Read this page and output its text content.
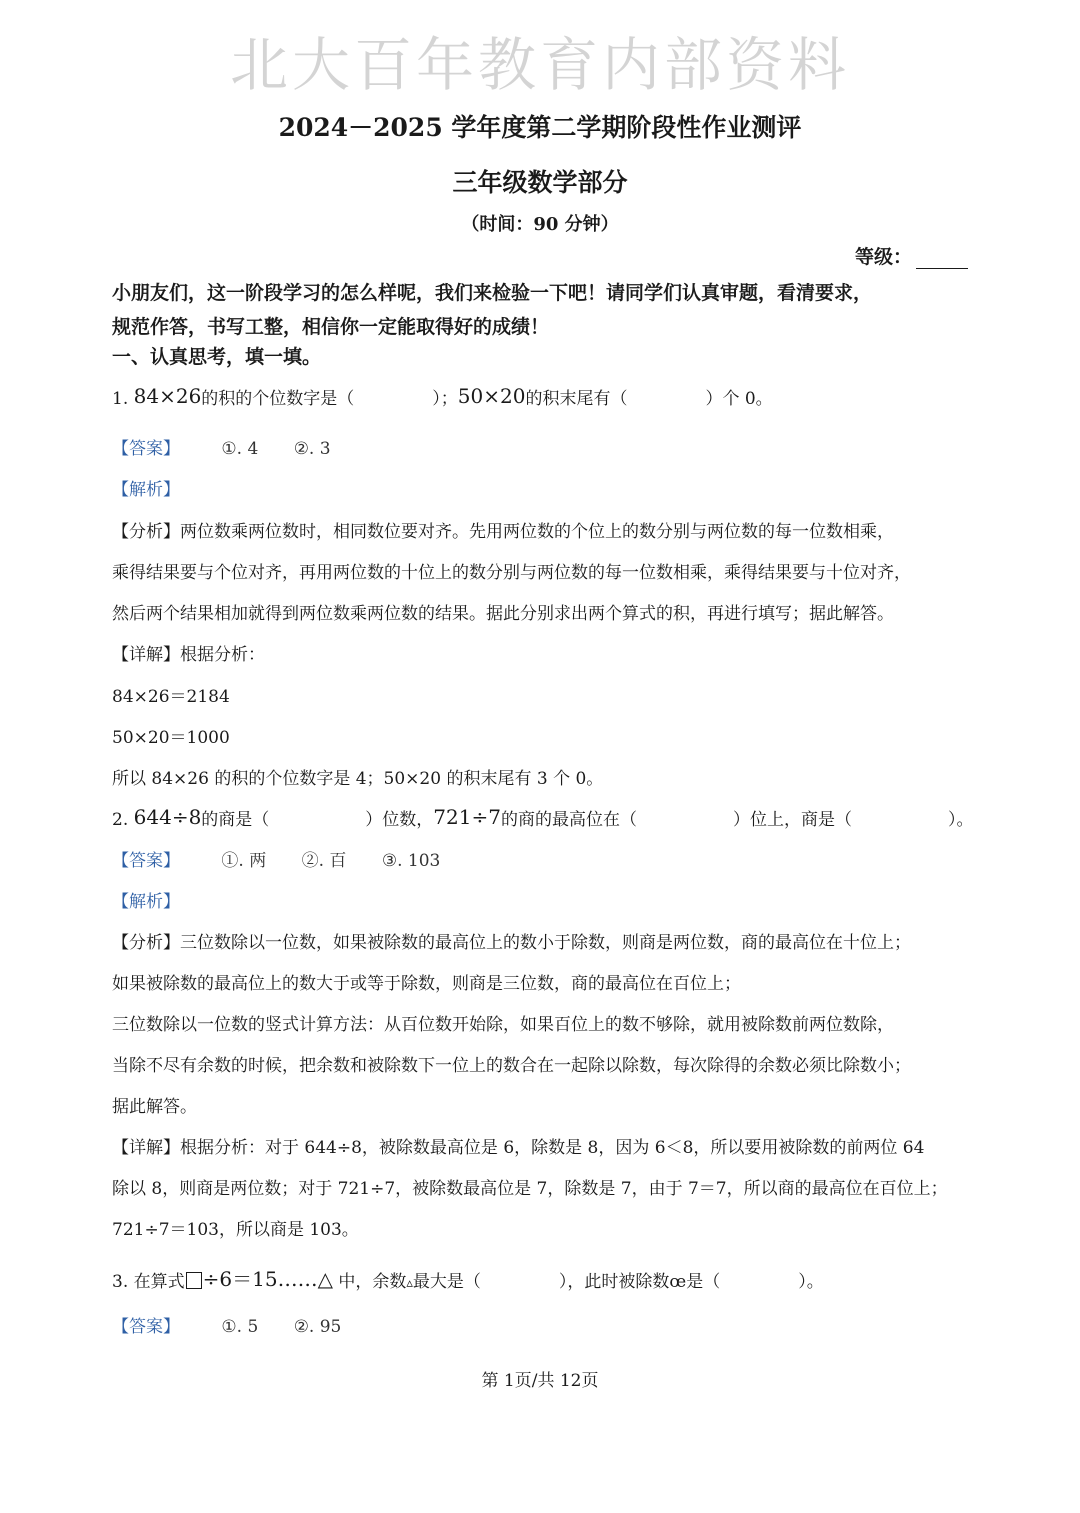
北大百年教育内部资料
2024－2025 学年度第二学期阶段性作业测评
三年级数学部分
（时间：90 分钟）
等级：
小朋友们，这一阶段学习的怎么样呢，我们来检验一下吧！请同学们认真审题，看清要求，
规范作答，书写工整，相信你一定能取得好的成绩！
一、认真思考，填一填。
1. 84×26的积的个位数字是（	）；50×20的积末尾有（	）个 0。
【答案】 ①. 4 ②. 3
【解析】
【分析】两位数乘两位数时，相同数位要对齐。先用两位数的个位上的数分别与两位数的每一位数相乘，
乘得结果要与个位对齐，再用两位数的十位上的数分别与两位数的每一位数相乘，乘得结果要与十位对齐，
然后两个结果相加就得到两位数乘两位数的结果。据此分别求出两个算式的积，再进行填写；据此解答。
【详解】根据分析：
84×26＝2184
50×20＝1000
所以 84×26 的积的个位数字是 4；50×20 的积末尾有 3 个 0。
2. 644÷8的商是（	）位数，721÷7的商的最高位在（	）位上，商是（	）。
【答案】 ①. 两 ②. 百 ③. 103
【解析】
【分析】三位数除以一位数，如果被除数的最高位上的数小于除数，则商是两位数，商的最高位在十位上；
如果被除数的最高位上的数大于或等于除数，则商是三位数，商的最高位在百位上；
三位数除以一位数的竖式计算方法：从百位数开始除，如果百位上的数不够除，就用被除数前两位数除，
当除不尽有余数的时候，把余数和被除数下一位上的数合在一起除以除数，每次除得的余数必须比除数小；
据此解答。
【详解】根据分析：对于 644÷8，被除数最高位是 6，除数是 8，因为 6＜8，所以要用被除数的前两位 64
除以 8，则商是两位数；对于 721÷7，被除数最高位是 7，除数是 7，由于 7＝7，所以商的最高位在百位上；
721÷7＝103，所以商是 103。
3. 在算式 ÷6＝15……△ 中，余数▵最大是（	），此时被除数œ是（	）。
【答案】 ①. 5 ②. 95
第 1页/共 12页
